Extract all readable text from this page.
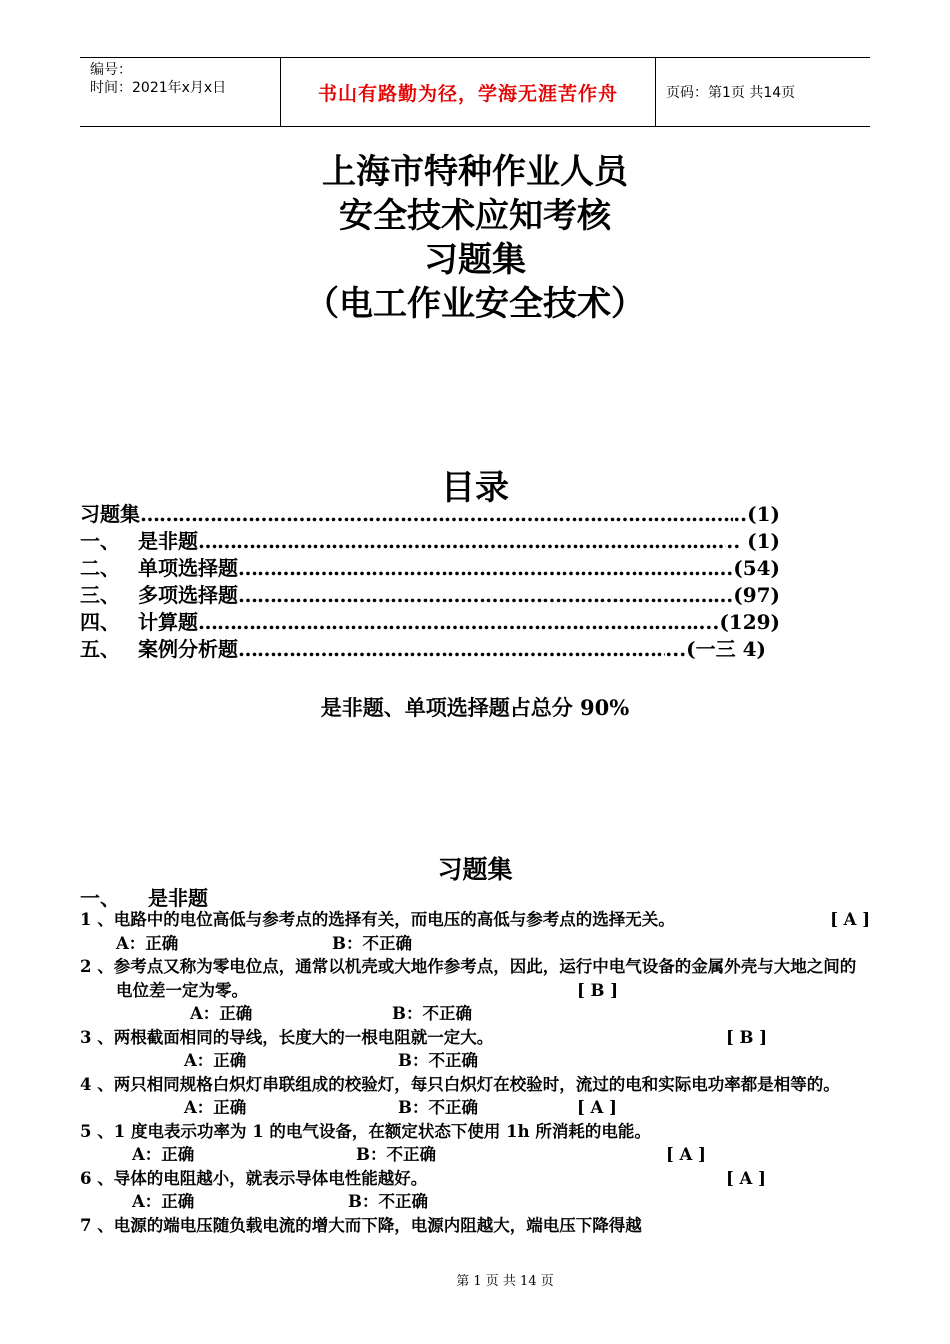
编号：
时间：2021年x月x日	书山有路勤为径，学海无涯苦作舟	页码：第1页 共14页
上海市特种作业人员
安全技术应知考核
习题集
（电工作业安全技术）
目录
习题集 ……………………………………………………………………………………………………………	..(1)
一、 是非题 ……………………………………………………………………………………………………………	.. (1)
二、 单项选择题 ……………………………………………………………………………………………………………	.(54)
三、 多项选择题 ……………………………………………………………………………………………………………	.(97)
四、 计算题 ……………………………………………………………………………………………………………	...(129)
五、 案例分析题 ……………………………………………………………………………………………………………	...(一三 4)
是非题、单项选择题占总分 90%
习题集
一、 是非题
1 、电路中的电位高低与参考点的选择有关，而电压的高低与参考点的选择无关。	[ A ]
A：正确	B：不正确
2 、参考点又称为零电位点，通常以机壳或大地作参考点，因此，运行中电气设备的金属外壳与大地之间的电位差一定为零。	[ B ]
A：正确	B：不正确
3 、两根截面相同的导线，长度大的一根电阻就一定大。	[ B ]
A：正确	B：不正确
4 、两只相同规格白炽灯串联组成的校验灯，每只白炽灯在校验时，流过的电和实际电功率都是相等的。
[ A ]
A：正确	B：不正确
5 、1 度电表示功率为 1 的电气设备，在额定状态下使用 1h 所消耗的电能。
A：正确	B：不正确	[ A ]
6 、导体的电阻越小，就表示导体电性能越好。	[ A ]
A：正确	B：不正确
7 、电源的端电压随负载电流的增大而下降，电源内阻越大，端电压下降得越
第 1 页 共 14 页
